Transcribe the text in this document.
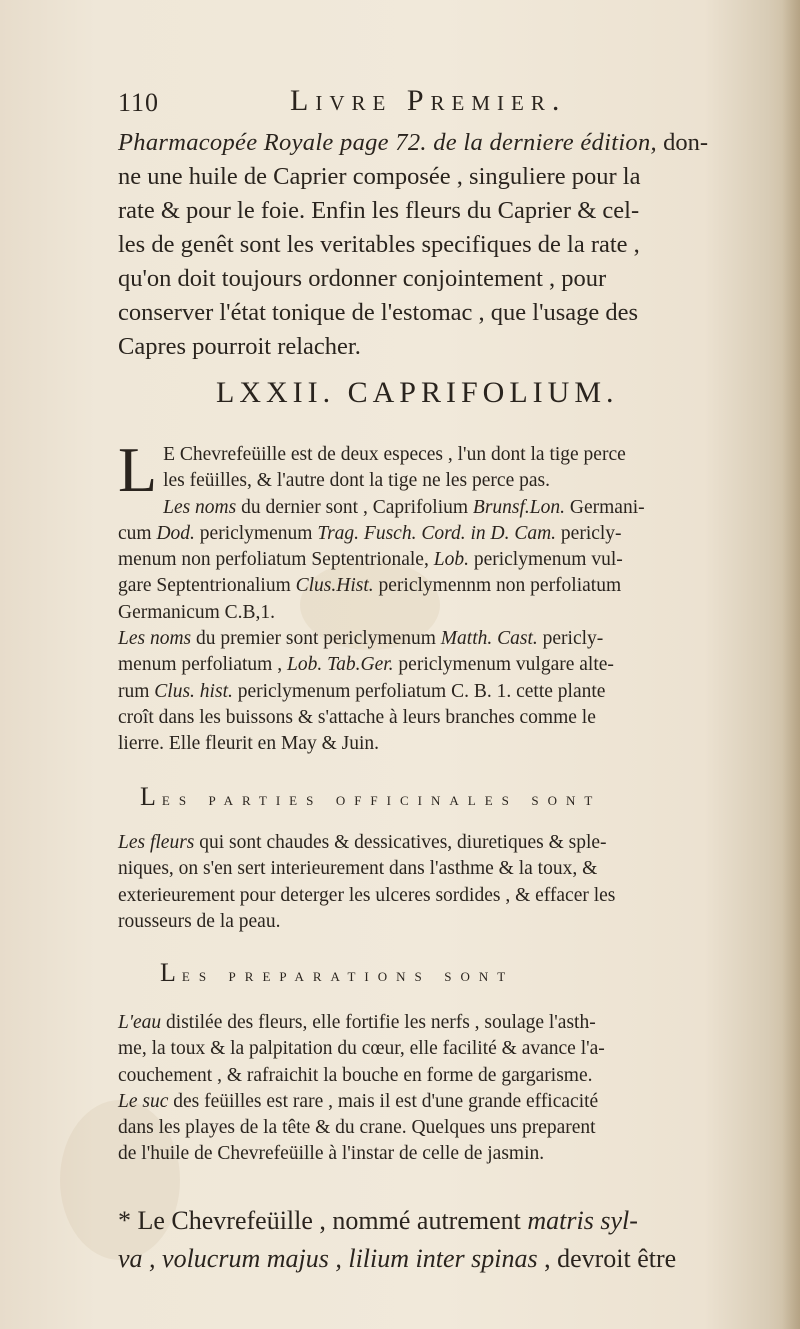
110	Livre Premier.
Pharmacopée Royale page 72. de la derniere édition, don-
ne une huile de Caprier composée , singuliere pour la
rate & pour le foie. Enfin les fleurs du Caprier & cel-
les de genêt sont les veritables specifiques de la rate ,
qu'on doit toujours ordonner conjointement , pour
conserver l'état tonique de l'estomac , que l'usage des
Capres pourroit relacher.
LXXII. CAPRIFOLIUM.
L E Chevrefeüille est de deux especes , l'un dont la tige perce
les feüilles, & l'autre dont la tige ne les perce pas.
Les noms du dernier sont , Caprifolium Brunsf.Lon. Germani-
cum Dod. periclymenum Trag. Fusch. Cord. in D. Cam. pericly-
menum non perfoliatum Septentrionale, Lob. periclymenum vul-
gare Septentrionalium Clus.Hist. periclymennm non perfoliatum
Germanicum C.B,1.
Les noms du premier sont periclymenum Matth. Cast. pericly-
menum perfoliatum , Lob. Tab.Ger. periclymenum vulgare alte-
rum Clus. hist. periclymenum perfoliatum C. B. 1. cette plante
croît dans les buissons & s'attache à leurs branches comme le
lierre. Elle fleurit en May & Juin.
Les parties officinales sont
Les fleurs qui sont chaudes & dessicatives, diuretiques & sple-
niques, on s'en sert interieurement dans l'asthme & la toux, &
exterieurement pour deterger les ulceres sordides , & effacer les
rousseurs de la peau.
Les preparations sont
L'eau distilée des fleurs, elle fortifie les nerfs , soulage l'asth-
me, la toux & la palpitation du cœur, elle facilité & avance l'a-
couchement , & rafraichit la bouche en forme de gargarisme.
Le suc des feüilles est rare , mais il est d'une grande efficacité
dans les playes de la tête & du crane. Quelques uns preparent
de l'huile de Chevrefeüille à l'instar de celle de jasmin.
* Le Chevrefeüille , nommé autrement matris syl-
va , volucrum majus , lilium inter spinas , devroit être
